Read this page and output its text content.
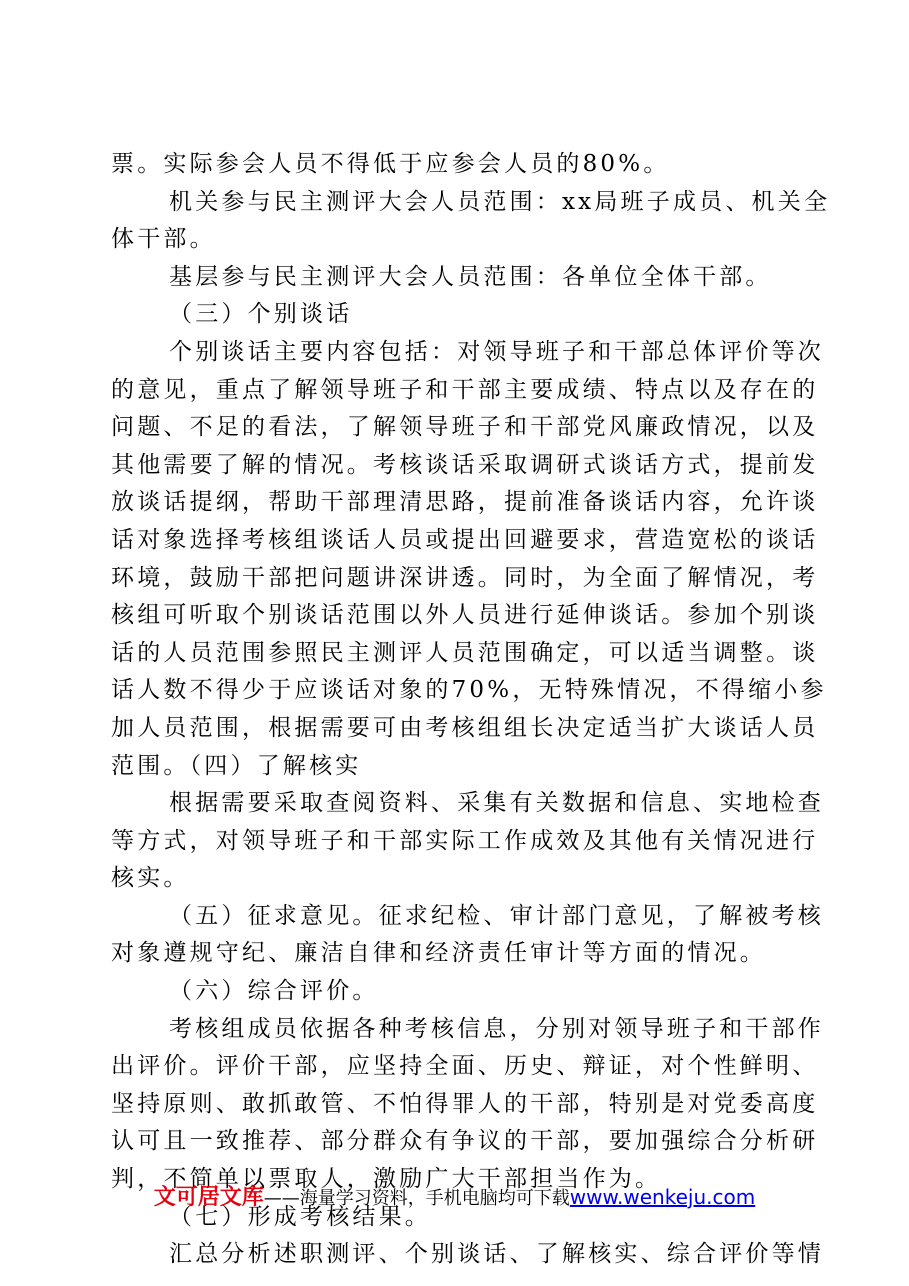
票。实际参会人员不得低于应参会人员的80%。
机关参与民主测评大会人员范围：xx局班子成员、机关全
体干部。
基层参与民主测评大会人员范围：各单位全体干部。
（三）个别谈话
个别谈话主要内容包括：对领导班子和干部总体评价等次
的意见，重点了解领导班子和干部主要成绩、特点以及存在的
问题、不足的看法，了解领导班子和干部党风廉政情况，以及
其他需要了解的情况。考核谈话采取调研式谈话方式，提前发
放谈话提纲，帮助干部理清思路，提前准备谈话内容，允许谈
话对象选择考核组谈话人员或提出回避要求，营造宽松的谈话
环境，鼓励干部把问题讲深讲透。同时，为全面了解情况，考
核组可听取个别谈话范围以外人员进行延伸谈话。参加个别谈
话的人员范围参照民主测评人员范围确定，可以适当调整。谈
话人数不得少于应谈话对象的70%，无特殊情况，不得缩小参
加人员范围，根据需要可由考核组组长决定适当扩大谈话人员
范围。（四）了解核实
根据需要采取查阅资料、采集有关数据和信息、实地检查
等方式，对领导班子和干部实际工作成效及其他有关情况进行
核实。
（五）征求意见。征求纪检、审计部门意见，了解被考核
对象遵规守纪、廉洁自律和经济责任审计等方面的情况。
（六）综合评价。
考核组成员依据各种考核信息，分别对领导班子和干部作
出评价。评价干部，应坚持全面、历史、辩证，对个性鲜明、
坚持原则、敢抓敢管、不怕得罪人的干部，特别是对党委高度
认可且一致推荐、部分群众有争议的干部，要加强综合分析研
判，不简单以票取人，激励广大干部担当作为。
（七）形成考核结果。
汇总分析述职测评、个别谈话、了解核实、综合评价等情
文可居文库——海量学习资料，手机电脑均可下载www.wenkeju.com
